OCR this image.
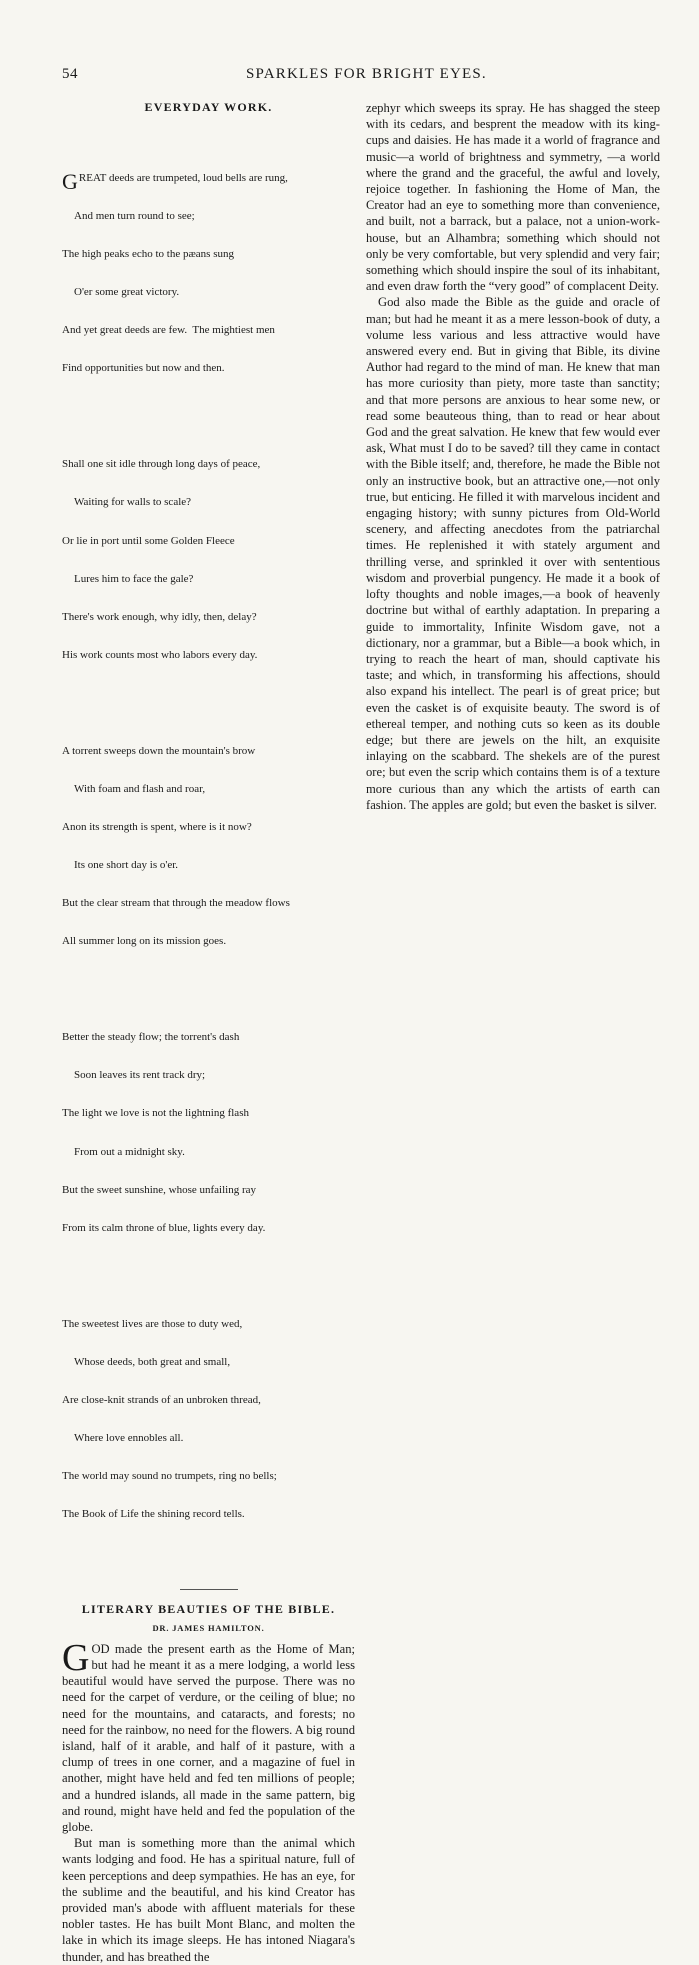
54	SPARKLES FOR BRIGHT EYES.
EVERYDAY WORK.

GREAT deeds are trumpeted, loud bells are rung,

And men turn round to see;

The high peaks echo to the pæans sung

O'er some great victory.

And yet great deeds are few.  The mightiest men

Find opportunities but now and then.

Shall one sit idle through long days of peace,

Waiting for walls to scale?

Or lie in port until some Golden Fleece

Lures him to face the gale?

There's work enough, why idly, then, delay?

His work counts most who labors every day.

A torrent sweeps down the mountain's brow

With foam and flash and roar,

Anon its strength is spent, where is it now?

Its one short day is o'er.

But the clear stream that through the meadow flows

All summer long on its mission goes.

Better the steady flow; the torrent's dash

Soon leaves its rent track dry;

The light we love is not the lightning flash

From out a midnight sky.

But the sweet sunshine, whose unfailing ray

From its calm throne of blue, lights every day.

The sweetest lives are those to duty wed,

Whose deeds, both great and small,

Are close-knit strands of an unbroken thread,

Where love ennobles all.

The world may sound no trumpets, ring no bells;

The Book of Life the shining record tells.

LITERARY BEAUTIES OF THE BIBLE.
DR. JAMES HAMILTON.

GOD made the present earth as the Home of Man; but had he meant it as a mere lodging, a world less beautiful would have served the purpose. There was no need for the carpet of verdure, or the ceiling of blue; no need for the mountains, and cataracts, and forests; no need for the rainbow, no need for the flowers. A big round island, half of it arable, and half of it pasture, with a clump of trees in one corner, and a magazine of fuel in another, might have held and fed ten millions of people; and a hundred islands, all made in the same pattern, big and round, might have held and fed the population of the globe.

But man is something more than the animal which wants lodging and food. He has a spiritual nature, full of keen perceptions and deep sympathies. He has an eye, for the sublime and the beautiful, and his kind Creator has provided man's abode with affluent materials for these nobler tastes. He has built Mont Blanc, and molten the lake in which its image sleeps. He has intoned Niagara's thunder, and has breathed the

zephyr which sweeps its spray. He has shagged the steep with its cedars, and besprent the meadow with its king-cups and daisies. He has made it a world of fragrance and music—a world of brightness and symmetry, —a world where the grand and the graceful, the awful and lovely, rejoice together. In fashioning the Home of Man, the Creator had an eye to something more than convenience, and built, not a barrack, but a palace, not a union-work-house, but an Alhambra; something which should not only be very comfortable, but very splendid and very fair; something which should inspire the soul of its inhabitant, and even draw forth the “very good” of complacent Deity.

God also made the Bible as the guide and oracle of man; but had he meant it as a mere lesson-book of duty, a volume less various and less attractive would have answered every end. But in giving that Bible, its divine Author had regard to the mind of man. He knew that man has more curiosity than piety, more taste than sanctity; and that more persons are anxious to hear some new, or read some beauteous thing, than to read or hear about God and the great salvation. He knew that few would ever ask, What must I do to be saved? till they came in contact with the Bible itself; and, therefore, he made the Bible not only an instructive book, but an attractive one,—not only true, but enticing. He filled it with marvelous incident and engaging history; with sunny pictures from Old-World scenery, and affecting anecdotes from the patriarchal times. He replenished it with stately argument and thrilling verse, and sprinkled it over with sententious wisdom and proverbial pungency. He made it a book of lofty thoughts and noble images,—a book of heavenly doctrine but withal of earthly adaptation. In preparing a guide to immortality, Infinite Wisdom gave, not a dictionary, nor a grammar, but a Bible—a book which, in trying to reach the heart of man, should captivate his taste; and which, in transforming his affections, should also expand his intellect. The pearl is of great price; but even the casket is of exquisite beauty. The sword is of ethereal temper, and nothing cuts so keen as its double edge; but there are jewels on the hilt, an exquisite inlaying on the scabbard. The shekels are of the purest ore; but even the scrip which contains them is of a texture more curious than any which the artists of earth can fashion. The apples are gold; but even the basket is silver.
